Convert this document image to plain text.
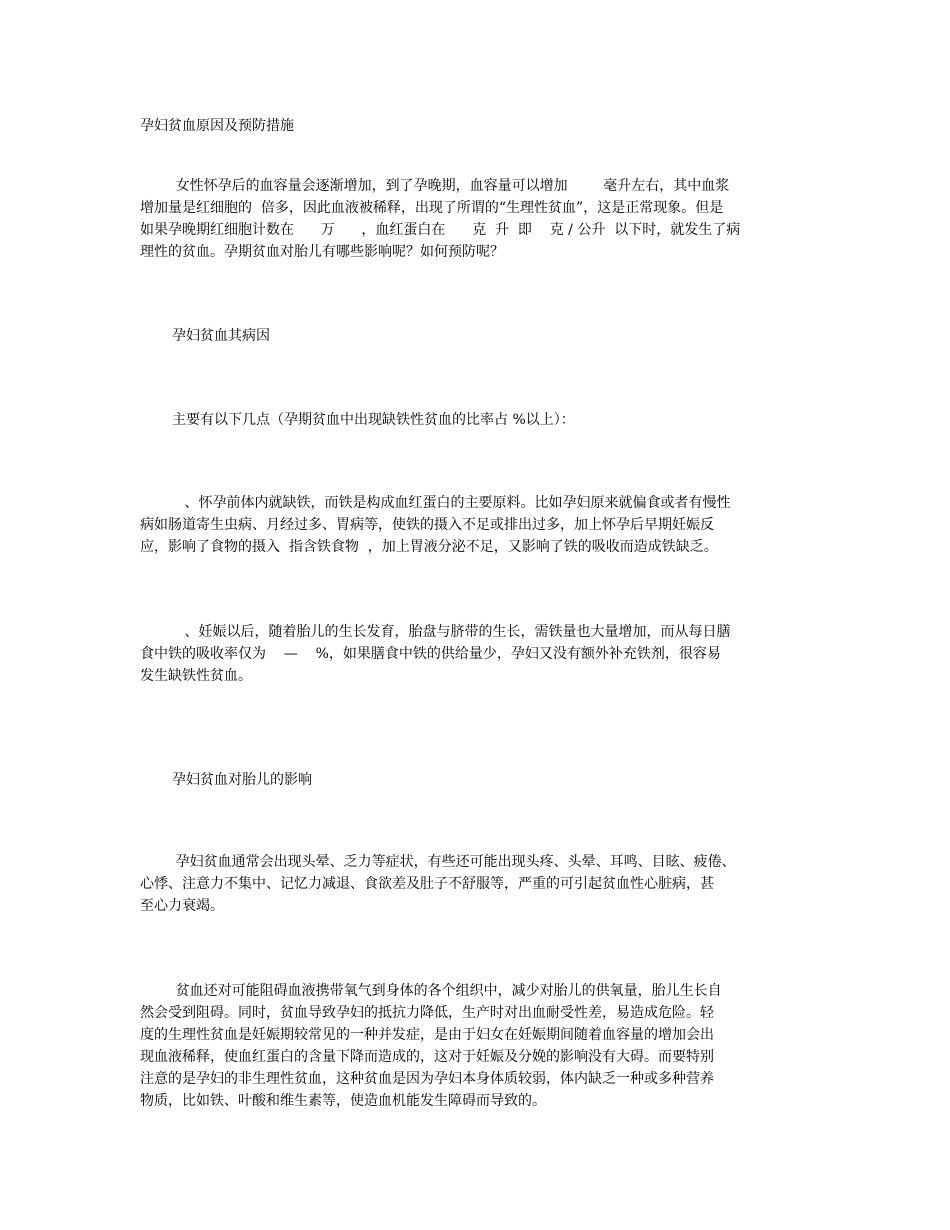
孕妇贫血原因及预防措施
女性怀孕后的血容量会逐渐增加，到了孕晚期，血容量可以增加        毫升左右，其中血浆
增加量是红细胞的  倍多，因此血液被稀释，出现了所谓的“生理性贫血”，这是正常现象。但是
如果孕晚期红细胞计数在      万      ，血红蛋白在      克  升  即    克 / 公升  以下时，就发生了病
理性的贫血。孕期贫血对胎儿有哪些影响呢？如何预防呢？
孕妇贫血其病因
主要有以下几点（孕期贫血中出现缺铁性贫血的比率占 %以上）：
、怀孕前体内就缺铁，而铁是构成血红蛋白的主要原料。比如孕妇原来就偏食或者有慢性
病如肠道寄生虫病、月经过多、胃病等，使铁的摄入不足或排出过多，加上怀孕后早期妊娠反
应，影响了食物的摄入  指含铁食物  ，加上胃液分泌不足，又影响了铁的吸收而造成铁缺乏。
、妊娠以后，随着胎儿的生长发育，胎盘与脐带的生长，需铁量也大量增加，而从每日膳
食中铁的吸收率仅为    —    %，如果膳食中铁的供给量少，孕妇又没有额外补充铁剂，很容易
发生缺铁性贫血。
孕妇贫血对胎儿的影响
孕妇贫血通常会出现头晕、乏力等症状，有些还可能出现头疼、头晕、耳鸣、目眩、疲倦、
心悸、注意力不集中、记忆力减退、食欲差及肚子不舒服等，严重的可引起贫血性心脏病，甚
至心力衰竭。
贫血还对可能阻碍血液携带氧气到身体的各个组织中，减少对胎儿的供氧量，胎儿生长自
然会受到阻碍。同时，贫血导致孕妇的抵抗力降低，生产时对出血耐受性差，易造成危险。轻
度的生理性贫血是妊娠期较常见的一种并发症，是由于妇女在妊娠期间随着血容量的增加会出
现血液稀释，使血红蛋白的含量下降而造成的，这对于妊娠及分娩的影响没有大碍。而要特别
注意的是孕妇的非生理性贫血，这种贫血是因为孕妇本身体质较弱，体内缺乏一种或多种营养
物质，比如铁、叶酸和维生素等，使造血机能发生障碍而导致的。
